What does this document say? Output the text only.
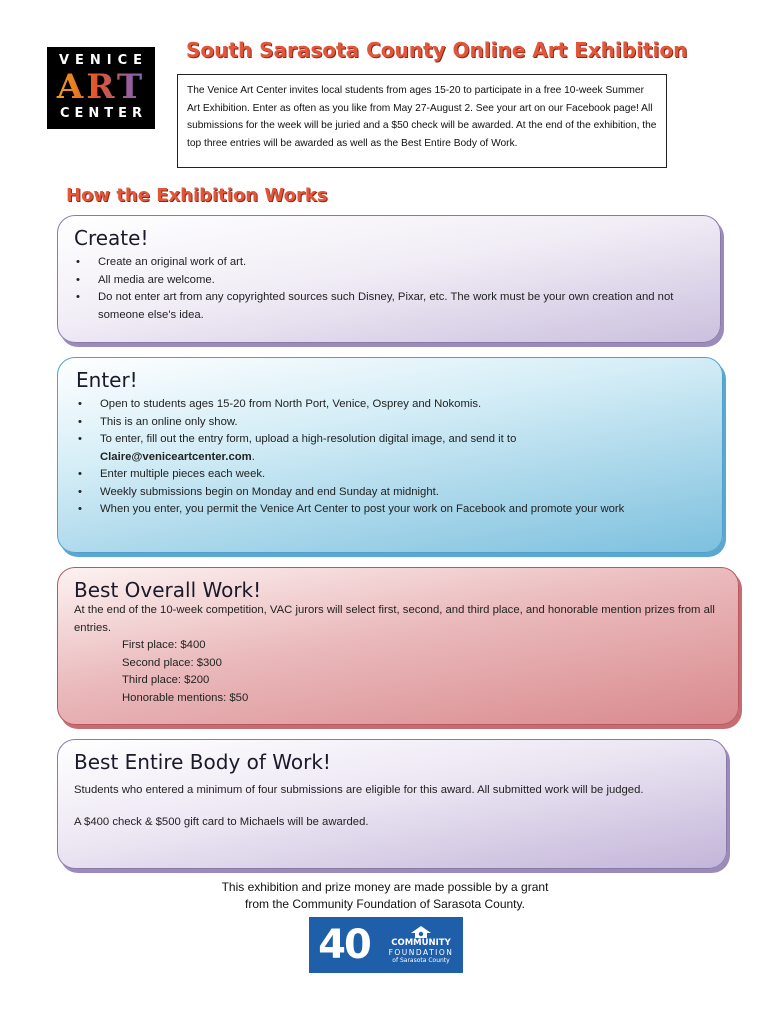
VENICE
ART
CENTER
South Sarasota County Online Art Exhibition
The Venice Art Center invites local students from ages 15-20 to participate in a free 10-week Summer Art Exhibition. Enter as often as you like from May 27-August 2. See your art on our Facebook page! All submissions for the week will be juried and a $50 check will be awarded. At the end of the exhibition, the top three entries will be awarded as well as the Best Entire Body of Work.
How the Exhibition Works
Create!
• Create an original work of art.
• All media are welcome.
• Do not enter art from any copyrighted sources such Disney, Pixar, etc. The work must be your own creation and not someone else's idea.
Enter!
• Open to students ages 15-20 from North Port, Venice, Osprey and Nokomis.
• This is an online only show.
• To enter, fill out the entry form, upload a high-resolution digital image, and send it to
Claire@veniceartcenter.com.
• Enter multiple pieces each week.
• Weekly submissions begin on Monday and end Sunday at midnight.
• When you enter, you permit the Venice Art Center to post your work on Facebook and promote your work
Best Overall Work!

At the end of the 10-week competition, VAC jurors will select first, second, and third place, and honorable mention prizes from all entries.

First place: $400

Second place: $300

Third place: $200

Honorable mentions: $50

Best Entire Body of Work!

Students who entered a minimum of four submissions are eligible for this award. All submitted work will be judged.

A $400 check & $500 gift card to Michaels will be awarded.

This exhibition and prize money are made possible by a grant
from the Community Foundation of Sarasota County.
40	COMMUNITY
FOUNDATION
of Sarasota County
